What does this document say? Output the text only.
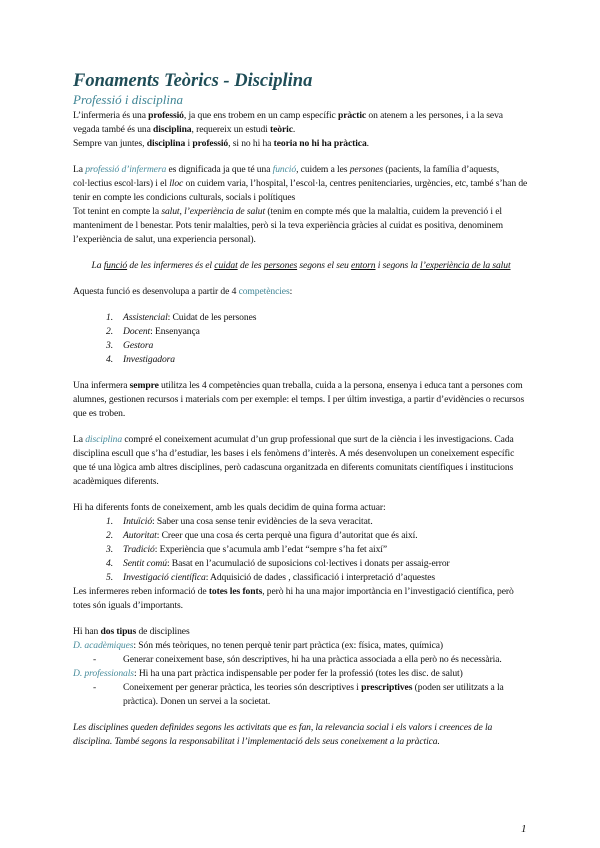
Fonaments Teòrics - Disciplina
Professió i disciplina

L’infermeria és una professió, ja que ens trobem en un camp específic pràctic on atenem a les persones, i a la seva vegada també és una disciplina, requereix un estudi teòric.

Sempre van juntes, disciplina i professió, si no hi ha teoria no hi ha pràctica.

La professió d’infermera es dignificada ja que té una funció, cuidem a les persones (pacients, la família d’aquests, col·lectius escol·lars) i el lloc on cuidem varia, l’hospital, l’escol·la, centres penitenciaries, urgències, etc, també s’han de tenir en compte les condicions culturals, socials i polítiques

Tot tenint en compte la salut, l’experiència de salut (tenim en compte més que la malaltia, cuidem la prevenció i el manteniment de l benestar. Pots tenir malalties, però si la teva experiència gràcies al cuidat es positiva, denominem l’experiència de salut, una experiencia personal).

La funció de les infermeres és el cuidat de les persones segons el seu entorn i segons la l’experiència de la salut

Aquesta funció es desenvolupa a partir de 4 competències:

1. Assistencial: Cuidat de les persones
2. Docent: Ensenyança
3. Gestora
4. Investigadora

Una infermera sempre utilitza les 4 competències quan treballa, cuida a la persona, ensenya i educa tant a persones com alumnes, gestionen recursos i materials com per exemple: el temps. I per últim investiga, a partir d’evidències o recursos que es troben.

La disciplina compré el coneixement acumulat d’un grup professional que surt de la ciència i les investigacions. Cada disciplina escull que s’ha d’estudiar, les bases i els fenòmens d’interès. A més desenvolupen un coneixement específic que té una lògica amb altres disciplines, però cadascuna organitzada en diferents comunitats científiques i institucions acadèmiques diferents.

Hi ha diferents fonts de coneixement, amb les quals decidim de quina forma actuar:

1. Intuïció: Saber una cosa sense tenir evidències de la seva veracitat.
2. Autoritat: Creer que una cosa és certa perquè una figura d’autoritat que és així.
3. Tradició: Experiència que s’acumula amb l’edat “sempre s’ha fet així”
4. Sentit comú: Basat en l’acumulació de suposicions col·lectives i donats per assaig-error
5. Investigació científica: Adquisició de dades , classificació i interpretació d’aquestes

Les infermeres reben informació de totes les fonts, però hi ha una major importància en l’investigació científica, però totes són iguals d’importants.

Hi han dos tipus de disciplines

D. acadèmiques: Són més teòriques, no tenen perquè tenir part pràctica (ex: física, mates, química)

-	Generar coneixement base, són descriptives, hi ha una pràctica associada a ella però no és necessària.

D. professionals: Hi ha una part pràctica indispensable per poder fer la professió (totes les disc. de salut)

-	Coneixement per generar pràctica, les teories són descriptives i prescriptives (poden ser utilitzats a la pràctica). Donen un servei a la societat.

Les disciplines queden definides segons les activitats que es fan, la relevancia social i els valors i creences de la disciplina. També segons la responsabilitat i l’implementació dels seus coneixement a la pràctica.

1
